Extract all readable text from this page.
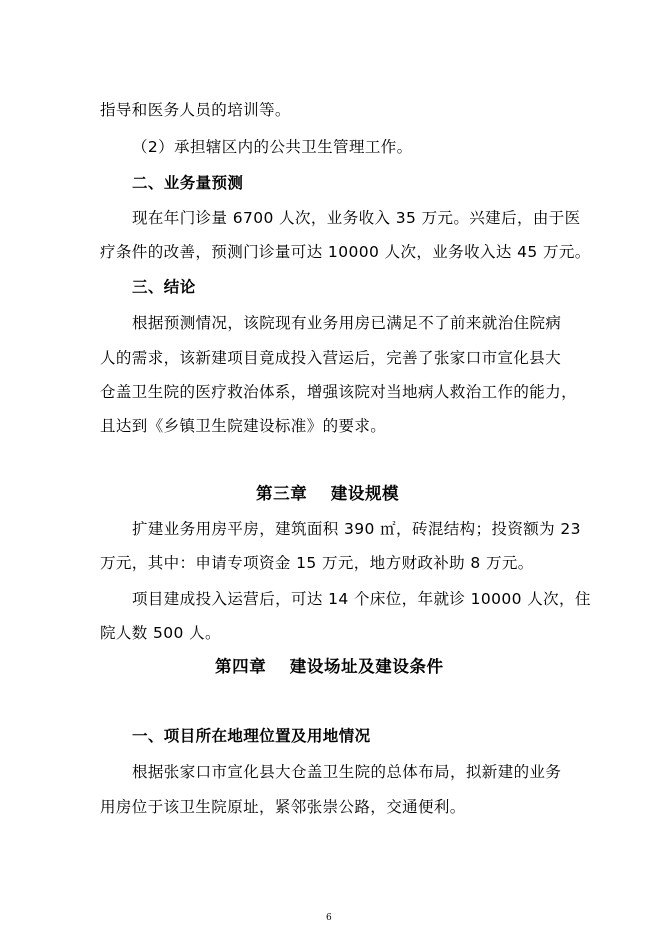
指导和医务人员的培训等。
（2）承担辖区内的公共卫生管理工作。
二、业务量预测
现在年门诊量 6700 人次，业务收入 35 万元。兴建后，由于医
疗条件的改善，预测门诊量可达 10000 人次，业务收入达 45 万元。
三、结论
根据预测情况，该院现有业务用房已满足不了前来就治住院病
人的需求，该新建项目竟成投入营运后，完善了张家口市宣化县大
仓盖卫生院的医疗救治体系，增强该院对当地病人救治工作的能力，
且达到《乡镇卫生院建设标准》的要求。
第三章　 建设规模
扩建业务用房平房，建筑面积 390 ㎡，砖混结构；投资额为 23
万元，其中：申请专项资金 15 万元，地方财政补助 8 万元。
项目建成投入运营后，可达 14 个床位，年就诊 10000 人次，住
院人数 500 人。
第四章　 建设场址及建设条件
一、项目所在地理位置及用地情况
根据张家口市宣化县大仓盖卫生院的总体布局，拟新建的业务
用房位于该卫生院原址，紧邻张崇公路，交通便利。
6
